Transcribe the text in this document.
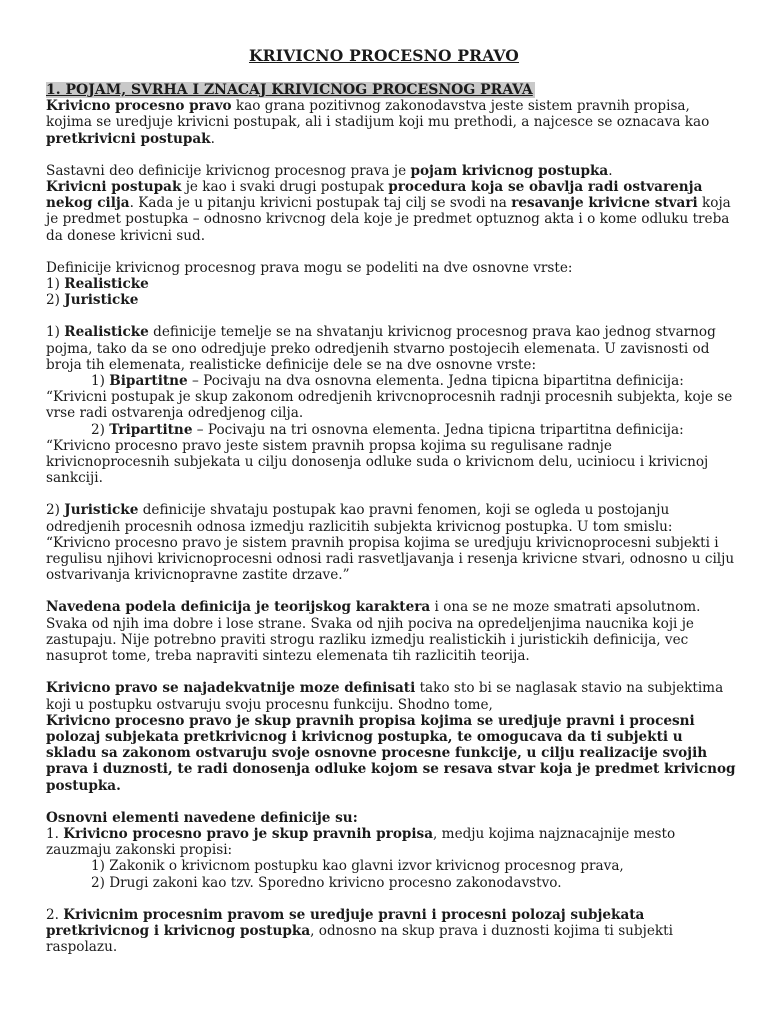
KRIVICNO PROCESNO PRAVO
1. POJAM, SVRHA I ZNACAJ KRIVICNOG PROCESNOG PRAVA

Krivicno procesno pravo kao grana pozitivnog zakonodavstva jeste sistem pravnih propisa, kojima se uredjuje krivicni postupak, ali i stadijum koji mu prethodi, a najcesce se oznacava kao pretkrivicni postupak.

Sastavni deo definicije krivicnog procesnog prava je pojam krivicnog postupka.

Krivicni postupak je kao i svaki drugi postupak procedura koja se obavlja radi ostvarenja nekog cilja. Kada je u pitanju krivicni postupak taj cilj se svodi na resavanje krivicne stvari koja je predmet postupka – odnosno krivcnog dela koje je predmet optuznog akta i o kome odluku treba da donese krivicni sud.

Definicije krivicnog procesnog prava mogu se podeliti na dve osnovne vrste:

1) Realisticke

2) Juristicke

1) Realisticke definicije temelje se na shvatanju krivicnog procesnog prava kao jednog stvarnog pojma, tako da se ono odredjuje preko odredjenih stvarno postojecih elemenata. U zavisnosti od broja tih elemenata, realisticke definicije dele se na dve osnovne vrste:

1) Bipartitne – Pocivaju na dva osnovna elementa. Jedna tipicna bipartitna definicija:

“Krivicni postupak je skup zakonom odredjenih krivcnoprocesnih radnji procesnih subjekta, koje se vrse radi ostvarenja odredjenog cilja.

2) Tripartitne – Pocivaju na tri osnovna elementa. Jedna tipicna tripartitna definicija:

“Krivicno procesno pravo jeste sistem pravnih propsa kojima su regulisane radnje krivicnoprocesnih subjekata u cilju donosenja odluke suda o krivicnom delu, uciniocu i krivicnoj sankciji.

2) Juristicke definicije shvataju postupak kao pravni fenomen, koji se ogleda u postojanju odredjenih procesnih odnosa izmedju razlicitih subjekta krivicnog postupka. U tom smislu:

“Krivicno procesno pravo je sistem pravnih propisa kojima se uredjuju krivicnoprocesni subjekti i regulisu njihovi krivicnoprocesni odnosi radi rasvetljavanja i resenja krivicne stvari, odnosno u cilju ostvarivanja krivicnopravne zastite drzave.”

Navedena podela definicija je teorijskog karaktera i ona se ne moze smatrati apsolutnom. Svaka od njih ima dobre i lose strane. Svaka od njih pociva na opredeljenjima naucnika koji je zastupaju. Nije potrebno praviti strogu razliku izmedju realistickih i juristickih definicija, vec nasuprot tome, treba napraviti sintezu elemenata tih razlicitih teorija.

Krivicno pravo se najadekvatnije moze definisati tako sto bi se naglasak stavio na subjektima koji u postupku ostvaruju svoju procesnu funkciju. Shodno tome,

Krivicno procesno pravo je skup pravnih propisa kojima se uredjuje pravni i procesni polozaj subjekata pretkrivicnog i krivicnog postupka, te omogucava da ti subjekti u skladu sa zakonom ostvaruju svoje osnovne procesne funkcije, u cilju realizacije svojih prava i duznosti, te radi donosenja odluke kojom se resava stvar koja je predmet krivicnog postupka.

Osnovni elementi navedene definicije su:

1. Krivicno procesno pravo je skup pravnih propisa, medju kojima najznacajnije mesto zauzmaju zakonski propisi:

1) Zakonik o krivicnom postupku kao glavni izvor krivicnog procesnog prava,

2) Drugi zakoni kao tzv. Sporedno krivicno procesno zakonodavstvo.

2. Krivicnim procesnim pravom se uredjuje pravni i procesni polozaj subjekata pretkrivicnog i krivicnog postupka, odnosno na skup prava i duznosti kojima ti subjekti raspolazu.
